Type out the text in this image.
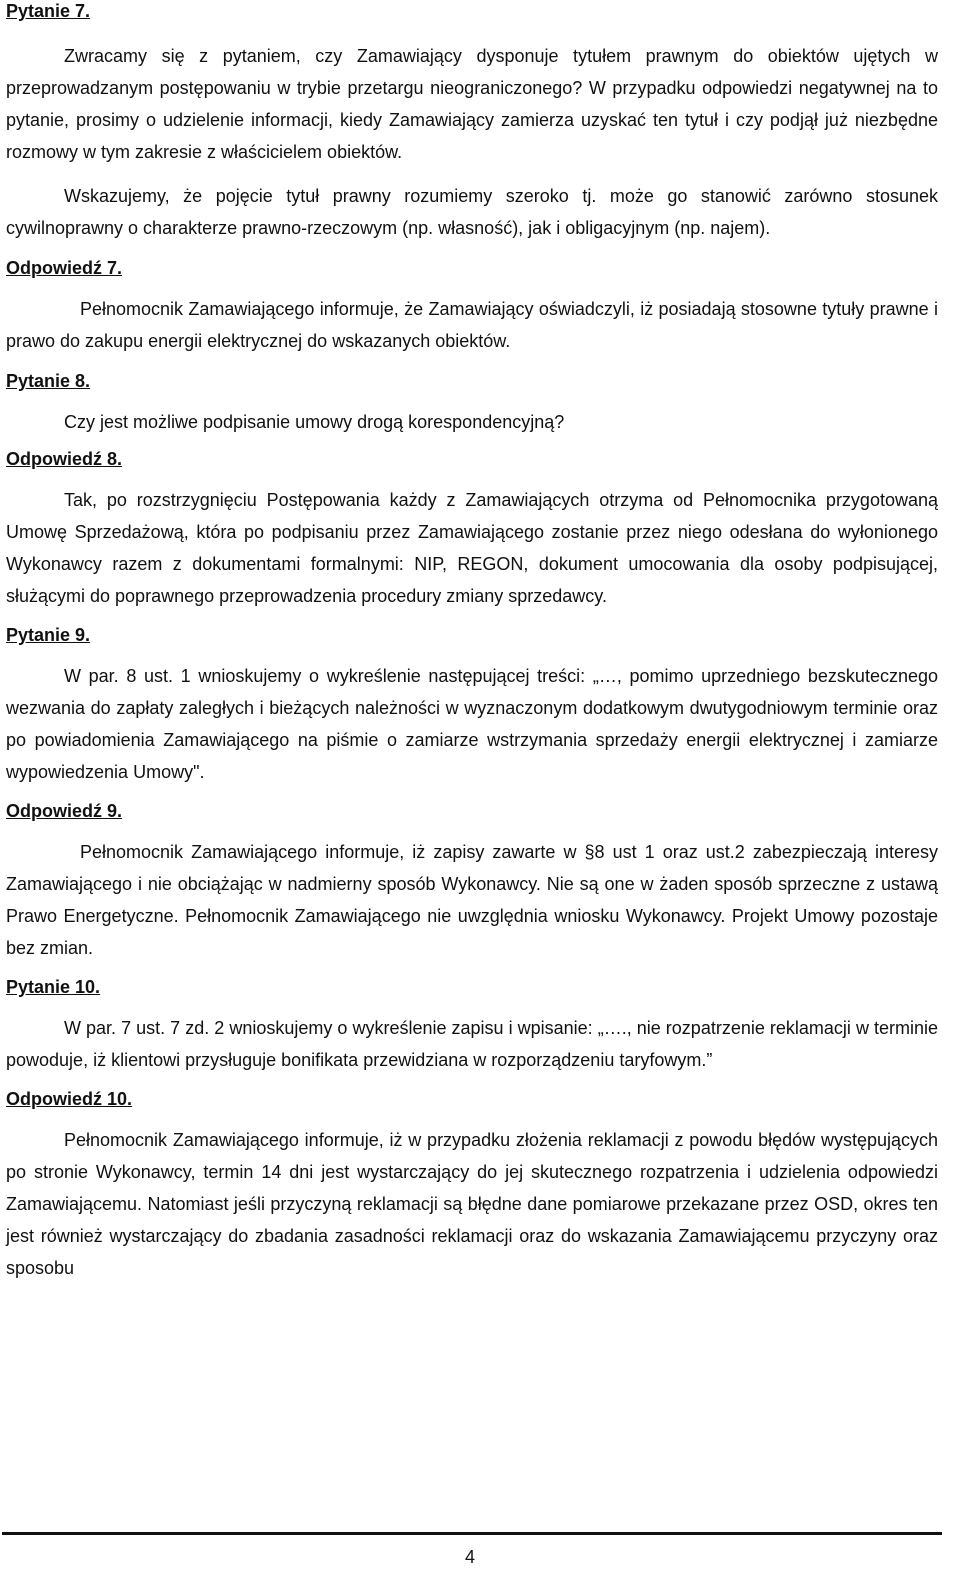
Pytanie 7.

Zwracamy się z pytaniem, czy Zamawiający dysponuje tytułem prawnym do obiektów ujętych w przeprowadzanym postępowaniu w trybie przetargu nieograniczonego? W przypadku odpowiedzi negatywnej na to pytanie, prosimy o udzielenie informacji, kiedy Zamawiający zamierza uzyskać ten tytuł i czy podjął już niezbędne rozmowy w tym zakresie z właścicielem obiektów.

Wskazujemy, że pojęcie tytuł prawny rozumiemy szeroko tj. może go stanowić zarówno stosunek cywilnoprawny o charakterze prawno-rzeczowym (np. własność), jak i obligacyjnym (np. najem).

Odpowiedź 7.

Pełnomocnik Zamawiającego informuje, że Zamawiający oświadczyli, iż posiadają stosowne tytuły prawne i prawo do zakupu energii elektrycznej do wskazanych obiektów.

Pytanie 8.

Czy jest możliwe podpisanie umowy drogą korespondencyjną?

Odpowiedź 8.

Tak, po rozstrzygnięciu Postępowania każdy z Zamawiających otrzyma od Pełnomocnika przygotowaną Umowę Sprzedażową, która po podpisaniu przez Zamawiającego zostanie przez niego odesłana do wyłonionego Wykonawcy razem z dokumentami formalnymi: NIP, REGON, dokument umocowania dla osoby podpisującej, służącymi do poprawnego przeprowadzenia procedury zmiany sprzedawcy.

Pytanie 9.

W par. 8 ust. 1 wnioskujemy o wykreślenie następującej treści: „…, pomimo uprzedniego bezskutecznego wezwania do zapłaty zaległych i bieżących należności w wyznaczonym dodatkowym dwutygodniowym terminie oraz po powiadomienia Zamawiającego na piśmie o zamiarze wstrzymania sprzedaży energii elektrycznej i zamiarze wypowiedzenia Umowy".

Odpowiedź 9.

Pełnomocnik Zamawiającego informuje, iż zapisy zawarte w §8 ust 1 oraz ust.2 zabezpieczają interesy Zamawiającego i nie obciążając w nadmierny sposób Wykonawcy. Nie są one w żaden sposób sprzeczne z ustawą Prawo Energetyczne. Pełnomocnik Zamawiającego nie uwzględnia wniosku Wykonawcy. Projekt Umowy pozostaje bez zmian.

Pytanie 10.

W par. 7 ust. 7 zd. 2 wnioskujemy o wykreślenie zapisu i wpisanie: „…., nie rozpatrzenie reklamacji w terminie powoduje, iż klientowi przysługuje bonifikata przewidziana w rozporządzeniu taryfowym.”

Odpowiedź 10.

Pełnomocnik Zamawiającego informuje, iż w przypadku złożenia reklamacji z powodu błędów występujących po stronie Wykonawcy, termin 14 dni jest wystarczający do jej skutecznego rozpatrzenia i udzielenia odpowiedzi Zamawiającemu. Natomiast jeśli przyczyną reklamacji są błędne dane pomiarowe przekazane przez OSD, okres ten jest również wystarczający do zbadania zasadności reklamacji oraz do wskazania Zamawiającemu przyczyny oraz sposobu

4
